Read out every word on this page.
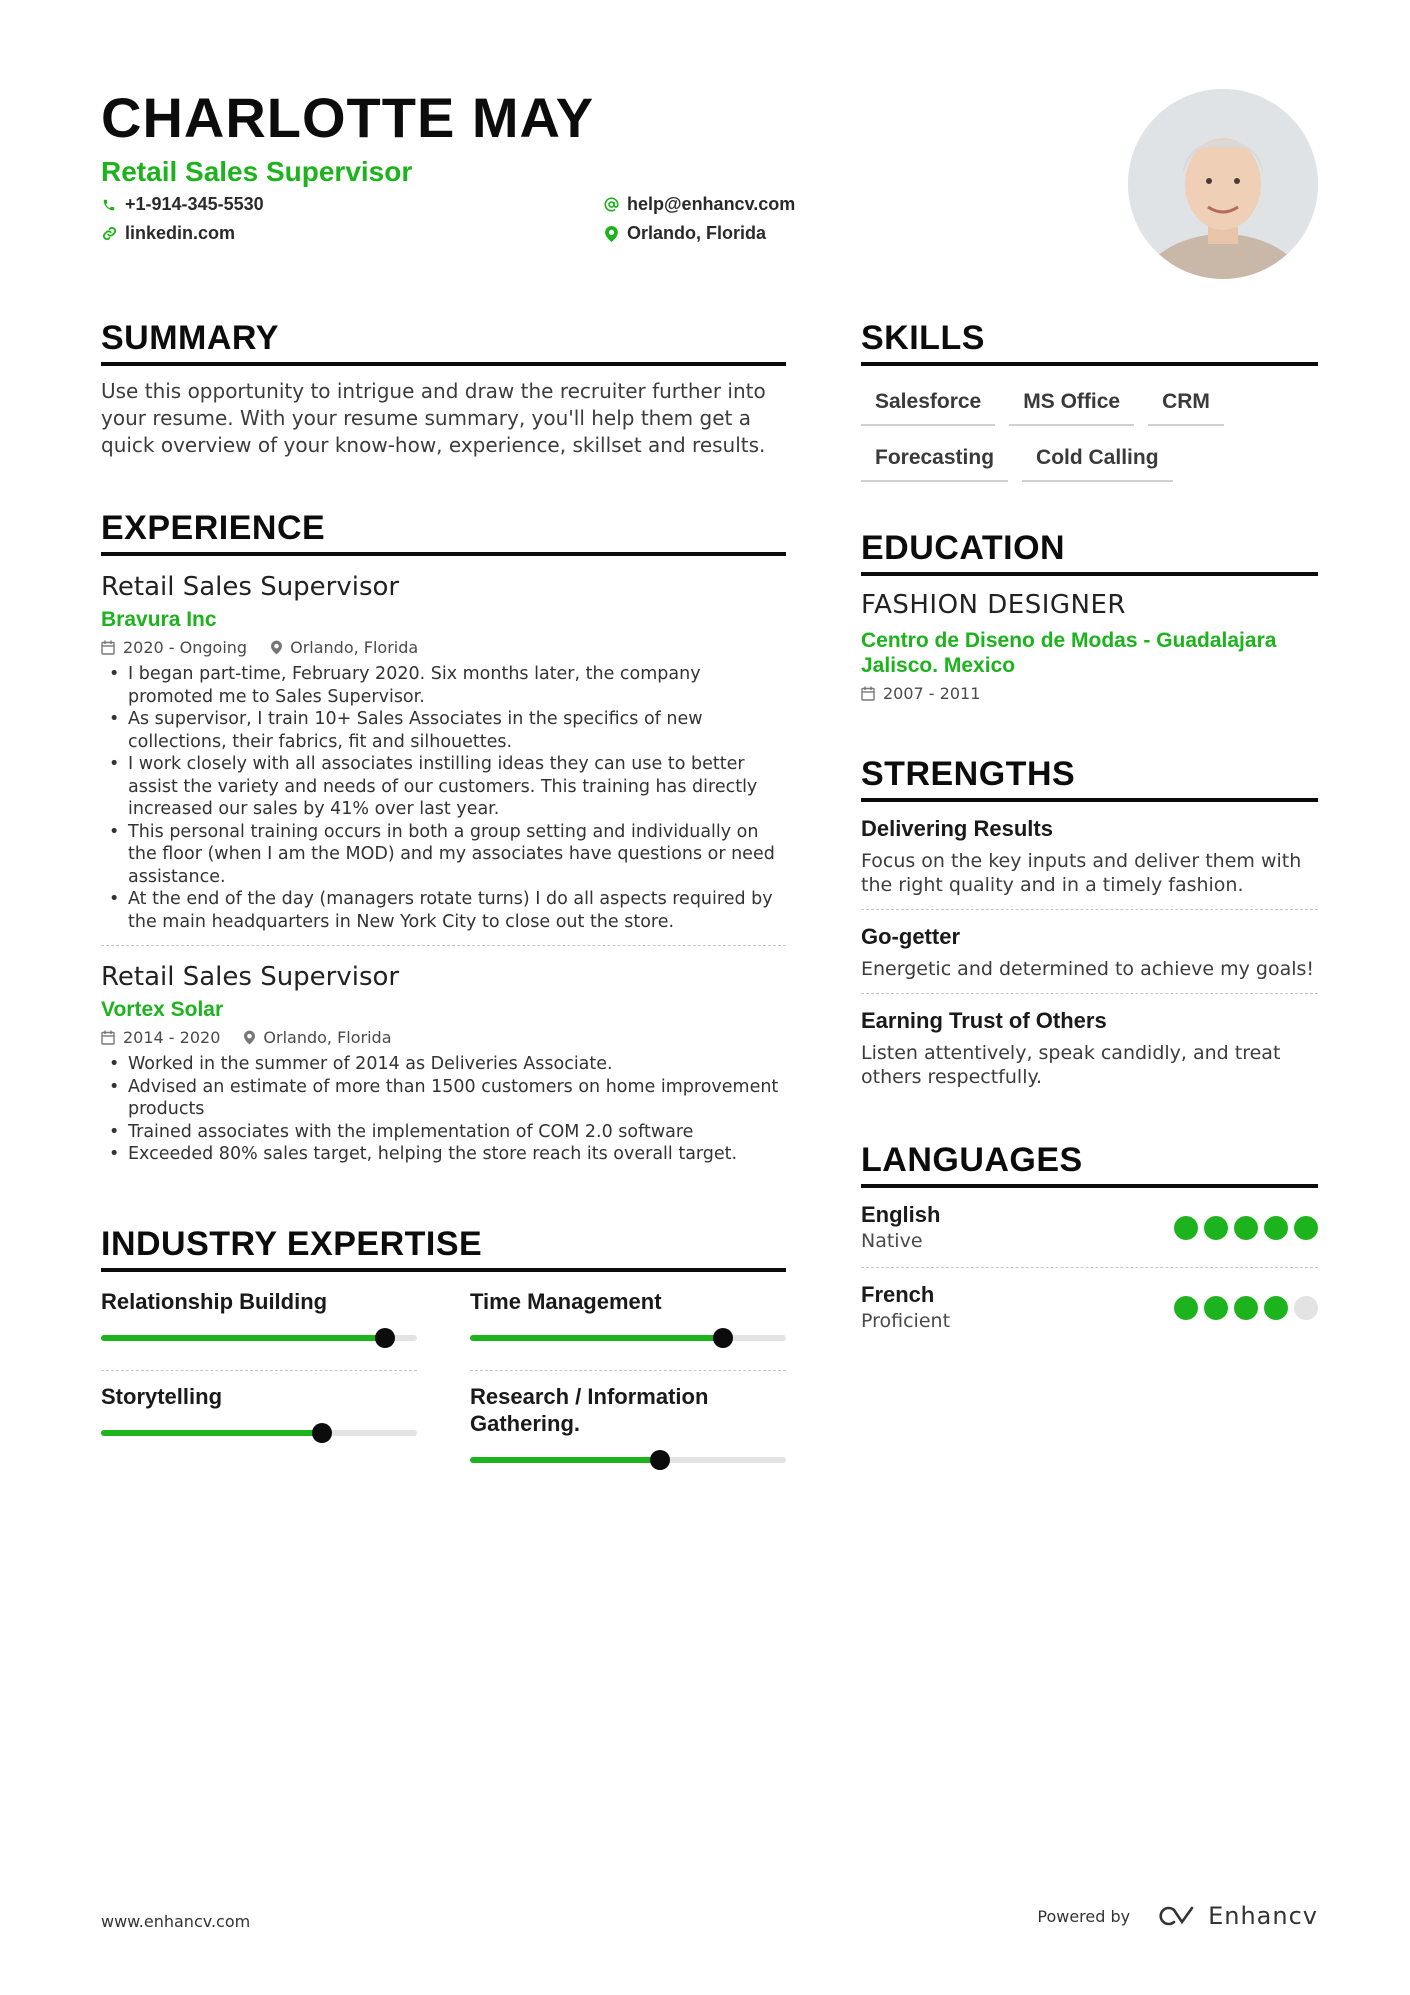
CHARLOTTE MAY
Retail Sales Supervisor
+1-914-345-5530
linkedin.com
help@enhancv.com
Orlando, Florida
SUMMARY
Use this opportunity to intrigue and draw the recruiter further into your resume. With your resume summary, you'll help them get a quick overview of your know-how, experience, skillset and results.
EXPERIENCE
Retail Sales Supervisor
Bravura Inc
2020 - Ongoing	Orlando, Florida
• I began part-time, February 2020. Six months later, the company promoted me to Sales Supervisor.
• As supervisor, I train 10+ Sales Associates in the specifics of new collections, their fabrics, fit and silhouettes.
• I work closely with all associates instilling ideas they can use to better assist the variety and needs of our customers. This training has directly increased our sales by 41% over last year.
• This personal training occurs in both a group setting and individually on the floor (when I am the MOD) and my associates have questions or need assistance.
• At the end of the day (managers rotate turns) I do all aspects required by the main headquarters in New York City to close out the store.
Retail Sales Supervisor
Vortex Solar
2014 - 2020	Orlando, Florida
• Worked in the summer of 2014 as Deliveries Associate.
• Advised an estimate of more than 1500 customers on home improvement products
• Trained associates with the implementation of COM 2.0 software
• Exceeded 80% sales target, helping the store reach its overall target.
INDUSTRY EXPERTISE
Relationship Building	Time Management
Storytelling	Research / Information Gathering.
SKILLS
Salesforce	MS Office	CRM
Forecasting	Cold Calling
EDUCATION
FASHION DESIGNER
Centro de Diseno de Modas - Guadalajara Jalisco. Mexico
2007 - 2011
STRENGTHS
Delivering Results
Focus on the key inputs and deliver them with the right quality and in a timely fashion.
Go-getter
Energetic and determined to achieve my goals!
Earning Trust of Others
Listen attentively, speak candidly, and treat others respectfully.
LANGUAGES
English
Native
French
Proficient
www.enhancv.com	Powered by	Enhancv
